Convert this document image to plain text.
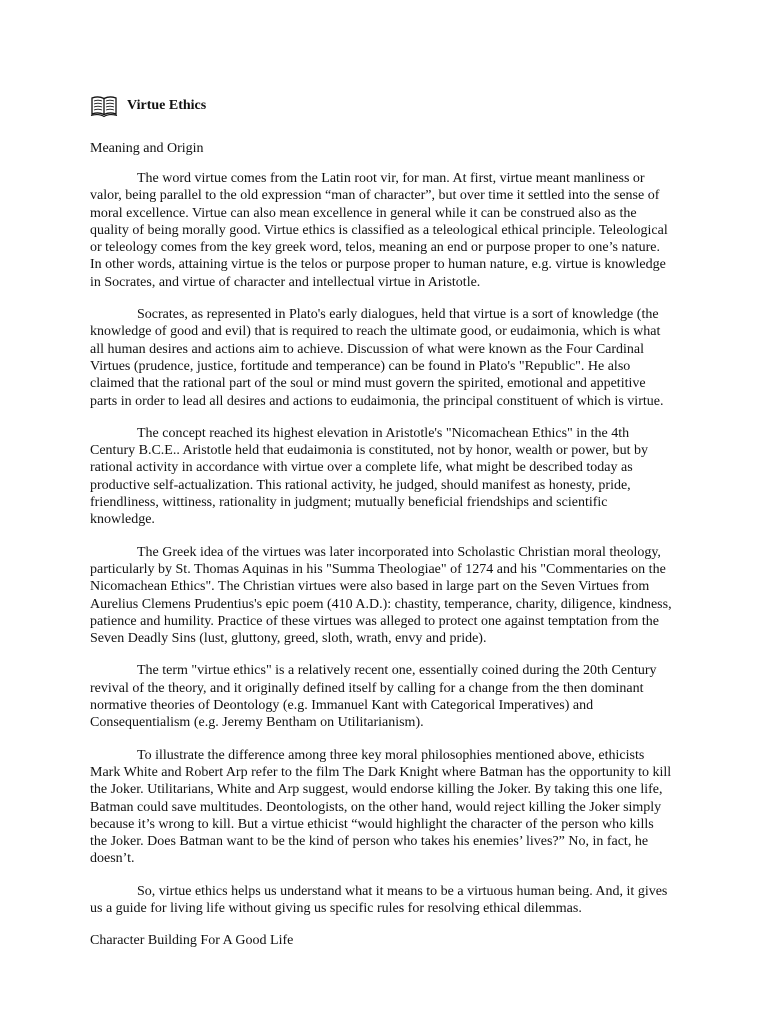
Virtue Ethics
Meaning and Origin

The word virtue comes from the Latin root vir, for man. At first, virtue meant manliness or valor, being parallel to the old expression “man of character”, but over time it settled into the sense of moral excellence. Virtue can also mean excellence in general while it can be construed also as the quality of being morally good. Virtue ethics is classified as a teleological ethical principle. Teleological or teleology comes from the key greek word, telos, meaning an end or purpose proper to one’s nature. In other words, attaining virtue is the telos or purpose proper to human nature, e.g. virtue is knowledge in Socrates, and virtue of character and intellectual virtue in Aristotle.

Socrates, as represented in Plato's early dialogues, held that virtue is a sort of knowledge (the knowledge of good and evil) that is required to reach the ultimate good, or eudaimonia, which is what all human desires and actions aim to achieve. Discussion of what were known as the Four Cardinal Virtues (prudence, justice, fortitude and temperance) can be found in Plato's "Republic". He also claimed that the rational part of the soul or mind must govern the spirited, emotional and appetitive parts in order to lead all desires and actions to eudaimonia, the principal constituent of which is virtue.

The concept reached its highest elevation in Aristotle's "Nicomachean Ethics" in the 4th Century B.C.E.. Aristotle held that eudaimonia is constituted, not by honor, wealth or power, but by rational activity in accordance with virtue over a complete life, what might be described today as productive self-actualization. This rational activity, he judged, should manifest as honesty, pride, friendliness, wittiness, rationality in judgment; mutually beneficial friendships and scientific knowledge.

The Greek idea of the virtues was later incorporated into Scholastic Christian moral theology, particularly by St. Thomas Aquinas in his "Summa Theologiae" of 1274 and his "Commentaries on the Nicomachean Ethics". The Christian virtues were also based in large part on the Seven Virtues from Aurelius Clemens Prudentius's epic poem (410 A.D.): chastity, temperance, charity, diligence, kindness, patience and humility. Practice of these virtues was alleged to protect one against temptation from the Seven Deadly Sins (lust, gluttony, greed, sloth, wrath, envy and pride).

The term "virtue ethics" is a relatively recent one, essentially coined during the 20th Century revival of the theory, and it originally defined itself by calling for a change from the then dominant normative theories of Deontology (e.g. Immanuel Kant with Categorical Imperatives) and Consequentialism (e.g. Jeremy Bentham on Utilitarianism).

To illustrate the difference among three key moral philosophies mentioned above, ethicists Mark White and Robert Arp refer to the film The Dark Knight where Batman has the opportunity to kill the Joker. Utilitarians, White and Arp suggest, would endorse killing the Joker. By taking this one life, Batman could save multitudes. Deontologists, on the other hand, would reject killing the Joker simply because it’s wrong to kill. But a virtue ethicist “would highlight the character of the person who kills the Joker. Does Batman want to be the kind of person who takes his enemies’ lives?” No, in fact, he doesn’t.

So, virtue ethics helps us understand what it means to be a virtuous human being. And, it gives us a guide for living life without giving us specific rules for resolving ethical dilemmas.

Character Building For A Good Life
